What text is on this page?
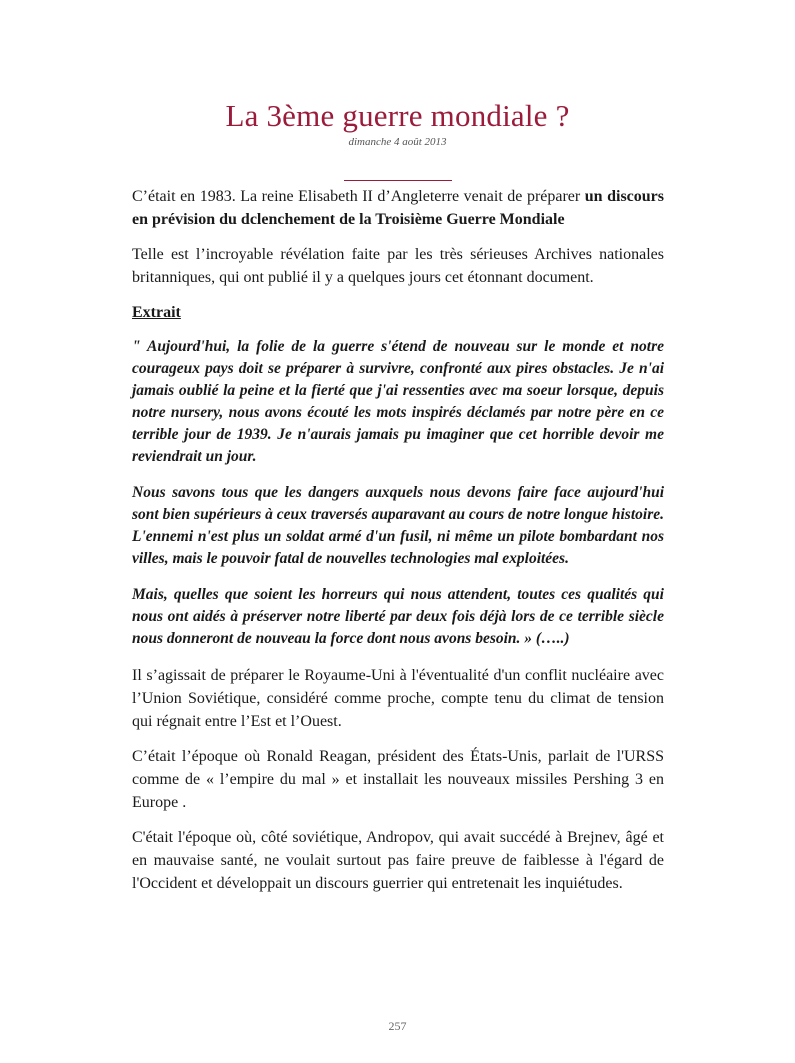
La 3ème guerre mondiale ?
dimanche 4 août 2013

C’était en 1983. La reine Elisabeth II d’Angleterre venait de préparer un discours en prévision du dclenchement de la Troisième Guerre Mondiale

Telle est l’incroyable révélation faite par les très sérieuses Archives nationales britanniques, qui ont publié il y a quelques jours cet étonnant document.

Extrait

" Aujourd'hui, la folie de la guerre s'étend de nouveau sur le monde et notre courageux pays doit se préparer à survivre, confronté aux pires obstacles. Je n'ai jamais oublié la peine et la fierté que j'ai ressenties avec ma soeur lorsque, depuis notre nursery, nous avons écouté les mots inspirés déclamés par notre père en ce terrible jour de 1939. Je n'aurais jamais pu imaginer que cet horrible devoir me reviendrait un jour.

Nous savons tous que les dangers auxquels nous devons faire face aujourd'hui sont bien supérieurs à ceux traversés auparavant au cours de notre longue histoire. L'ennemi n'est plus un soldat armé d'un fusil, ni même un pilote bombardant nos villes, mais le pouvoir fatal de nouvelles technologies mal exploitées.

Mais, quelles que soient les horreurs qui nous attendent, toutes ces qualités qui nous ont aidés à préserver notre liberté par deux fois déjà lors de ce terrible siècle nous donneront de nouveau la force dont nous avons besoin. » (…..)

Il s’agissait de préparer le Royaume-Uni à l'éventualité d'un conflit nucléaire avec l’Union Soviétique, considéré comme proche, compte tenu du climat de tension qui régnait entre l’Est et l’Ouest.

C’était l’époque où Ronald Reagan, président des États-Unis, parlait de l'URSS comme de « l’empire du mal » et installait les nouveaux missiles Pershing 3 en Europe .

C'était l'époque où, côté soviétique, Andropov, qui avait succédé à Brejnev, âgé et en mauvaise santé, ne voulait surtout pas faire preuve de faiblesse à l'égard de l'Occident et développait un discours guerrier qui entretenait les inquiétudes.

257
